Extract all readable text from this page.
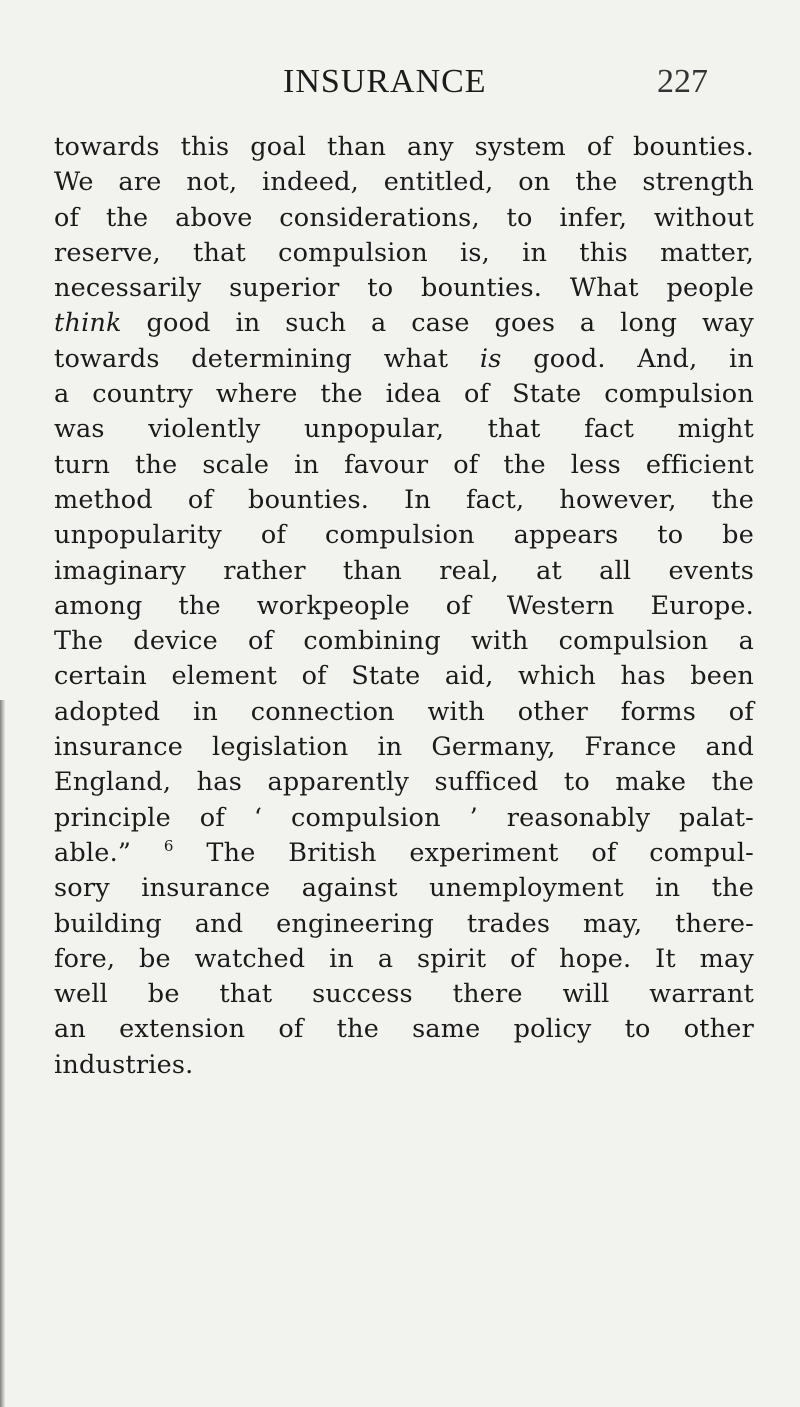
INSURANCE	227
towards this goal than any system of bounties.
We are not, indeed, entitled, on the strength
of the above considerations, to infer, without
reserve, that compulsion is, in this matter,
necessarily superior to bounties. What people
think good in such a case goes a long way
towards determining what is good. And, in
a country where the idea of State compulsion
was violently unpopular, that fact might
turn the scale in favour of the less efficient
method of bounties. In fact, however, the
unpopularity of compulsion appears to be
imaginary rather than real, at all events
among the workpeople of Western Europe.
The device of combining with compulsion a
certain element of State aid, which has been
adopted in connection with other forms of
insurance legislation in Germany, France and
England, has apparently sufficed to make the
principle of ‘ compulsion ’ reasonably palat-
able.” $^6$ The British experiment of compul-
sory insurance against unemployment in the
building and engineering trades may, there-
fore, be watched in a spirit of hope. It may
well be that success there will warrant
an extension of the same policy to other
industries.
